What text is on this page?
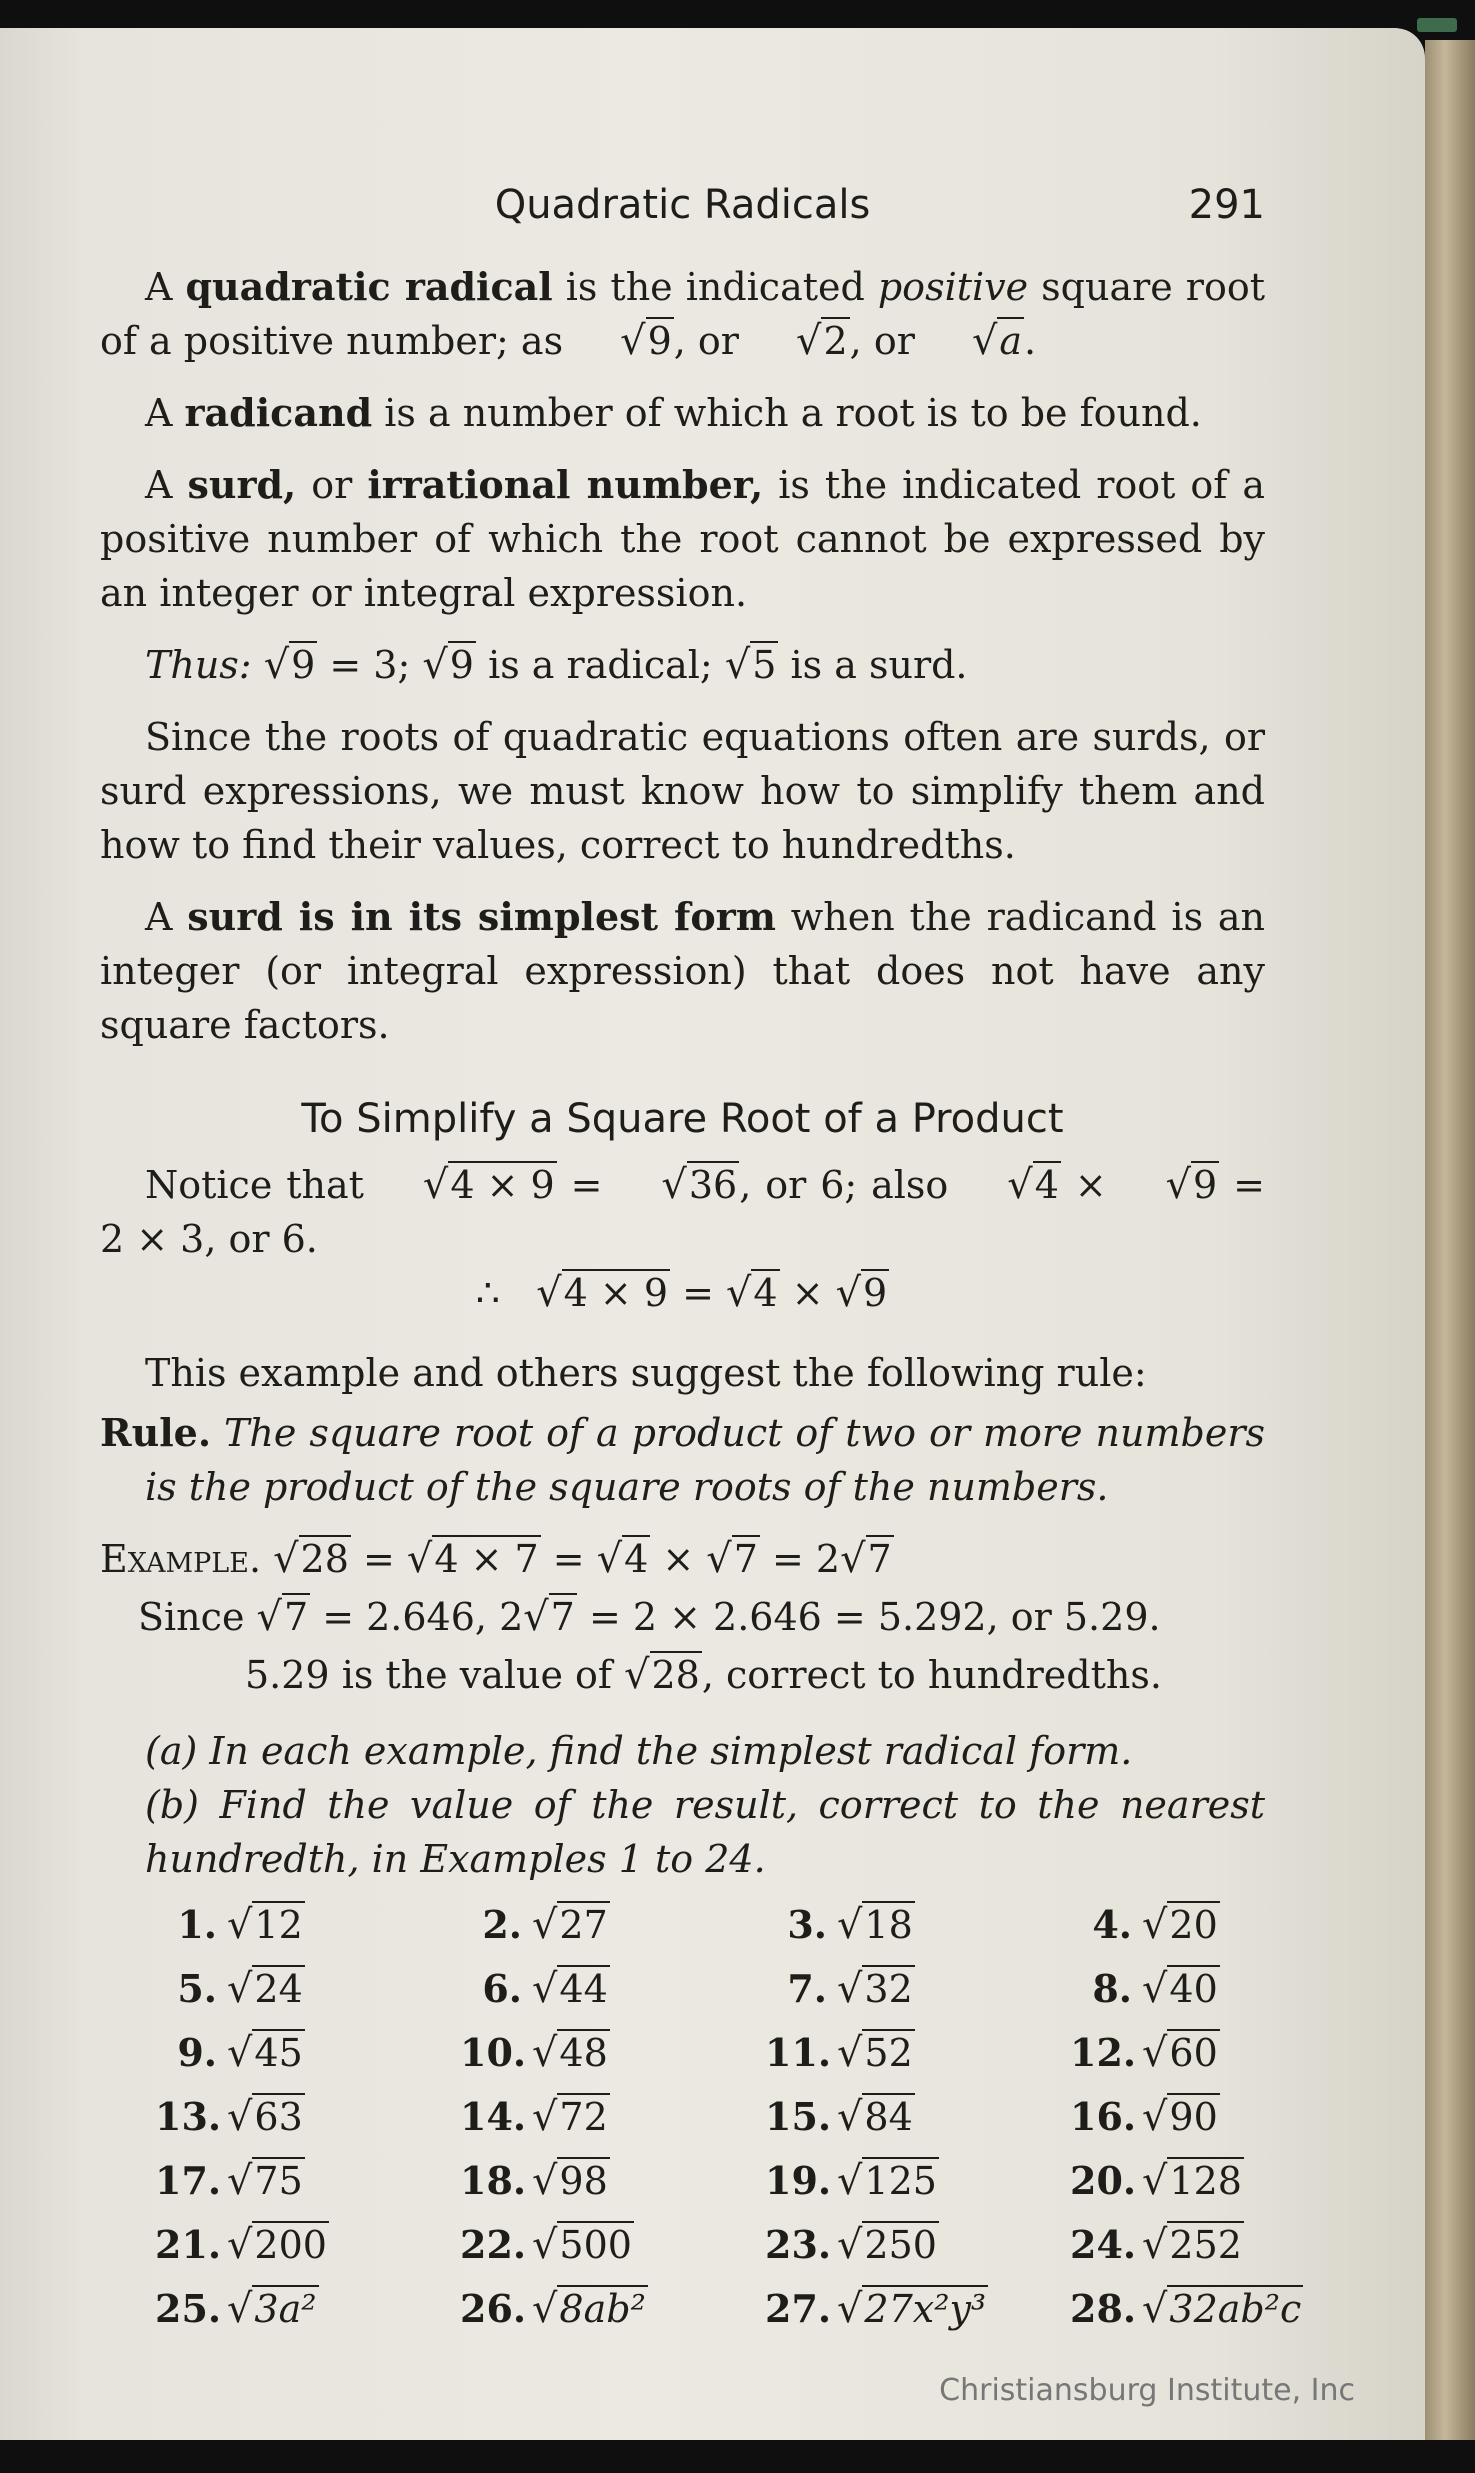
Quadratic Radicals	291

A quadratic radical is the indicated positive square root of a positive number; as √9, or √2, or √a.

A radicand is a number of which a root is to be found.

A surd, or irrational number, is the indicated root of a positive number of which the root cannot be expressed by an integer or integral expression.

Thus: √9 = 3; √9 is a radical; √5 is a surd.

Since the roots of quadratic equations often are surds, or surd expressions, we must know how to simplify them and how to find their values, correct to hundredths.

A surd is in its simplest form when the radicand is an integer (or integral expression) that does not have any square factors.

To Simplify a Square Root of a Product

Notice that √4 × 9 = √36, or 6; also √4 × √9 = 2 × 3, or 6.

∴ √4 × 9 = √4 × √9

This example and others suggest the following rule:

Rule. The square root of a product of two or more numbers is the product of the square roots of the numbers.

Example. √28 = √4 × 7 = √4 × √7 = 2√7

Since √7 = 2.646, 2√7 = 2 × 2.646 = 5.292, or 5.29.

5.29 is the value of √28, correct to hundredths.

(a) In each example, find the simplest radical form.

(b) Find the value of the result, correct to the nearest hundredth, in Examples 1 to 24.

1. √12	2. √27	3. √18	4. √20
5. √24	6. √44	7. √32	8. √40
9. √45	10. √48	11. √52	12. √60
13. √63	14. √72	15. √84	16. √90
17. √75	18. √98	19. √125	20. √128
21. √200	22. √500	23. √250	24. √252
25. √3a²	26. √8ab²	27. √27x²y³	28. √32ab²c
Christiansburg Institute, Inc
